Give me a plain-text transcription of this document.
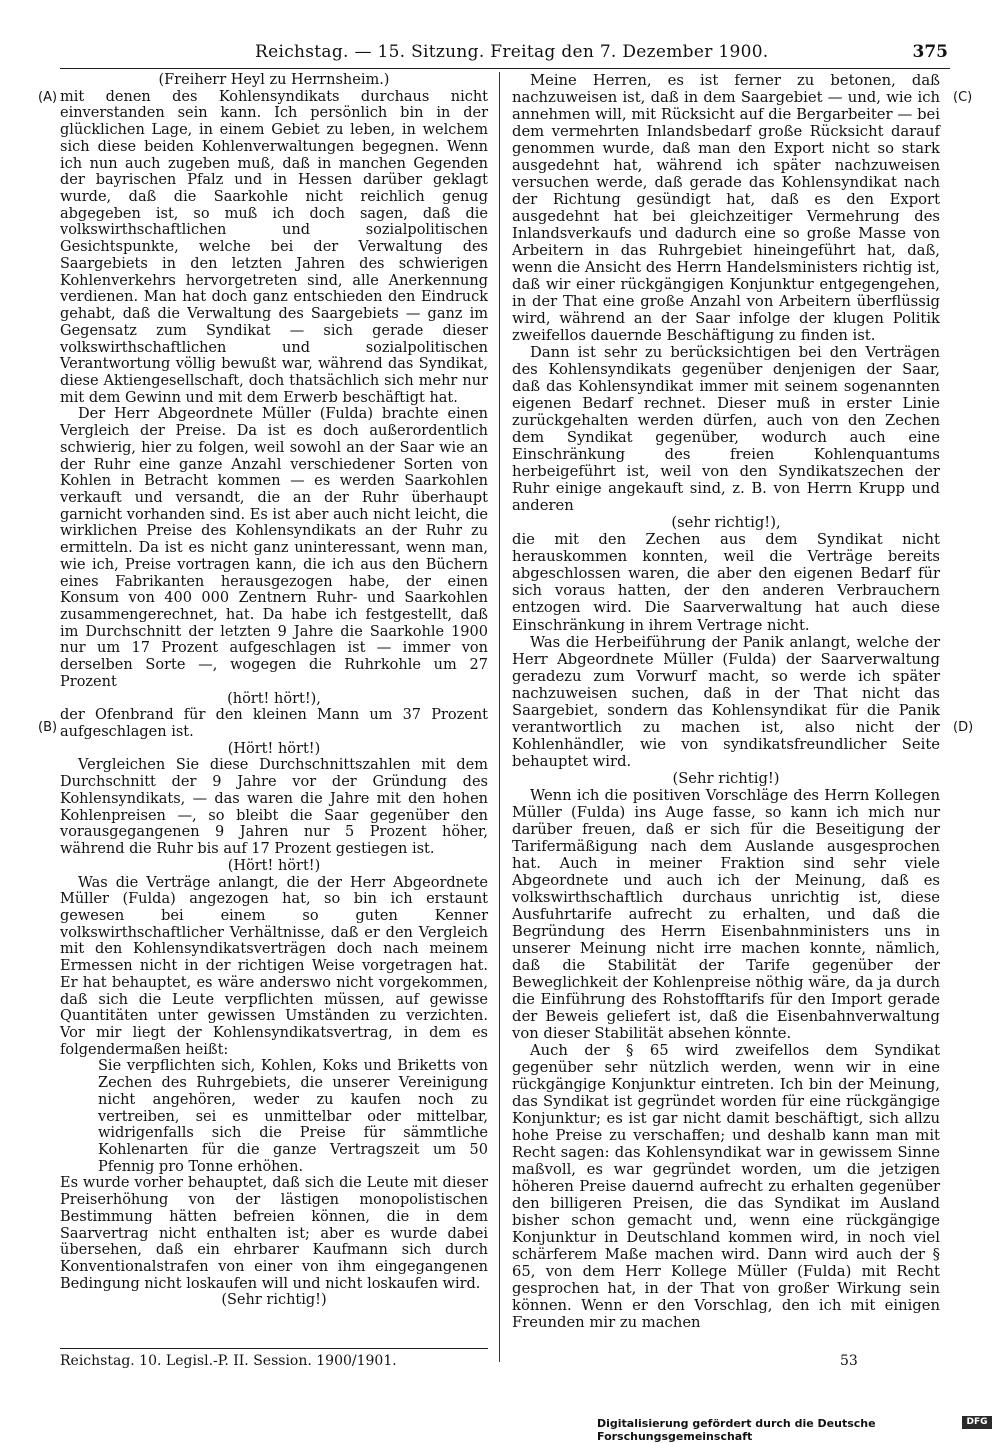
Reichstag. — 15. Sitzung. Freitag den 7. Dezember 1900.	375
(A)
(B)
(C)
(D)

(Freiherr Heyl zu Herrnsheim.)

mit denen des Kohlensyndikats durchaus nicht einverstanden sein kann. Ich persönlich bin in der glücklichen Lage, in einem Gebiet zu leben, in welchem sich diese beiden Kohlenverwaltungen begegnen. Wenn ich nun auch zugeben muß, daß in manchen Gegenden der bayrischen Pfalz und in Hessen darüber geklagt wurde, daß die Saarkohle nicht reichlich genug abgegeben ist, so muß ich doch sagen, daß die volkswirthschaftlichen und sozialpolitischen Gesichtspunkte, welche bei der Verwaltung des Saargebiets in den letzten Jahren des schwierigen Kohlenverkehrs hervorgetreten sind, alle Anerkennung verdienen. Man hat doch ganz entschieden den Eindruck gehabt, daß die Verwaltung des Saargebiets — ganz im Gegensatz zum Syndikat — sich gerade dieser volkswirthschaftlichen und sozialpolitischen Verantwortung völlig bewußt war, während das Syndikat, diese Aktiengesellschaft, doch thatsächlich sich mehr nur mit dem Gewinn und mit dem Erwerb beschäftigt hat.

Der Herr Abgeordnete Müller (Fulda) brachte einen Vergleich der Preise. Da ist es doch außerordentlich schwierig, hier zu folgen, weil sowohl an der Saar wie an der Ruhr eine ganze Anzahl verschiedener Sorten von Kohlen in Betracht kommen — es werden Saarkohlen verkauft und versandt, die an der Ruhr überhaupt garnicht vorhanden sind. Es ist aber auch nicht leicht, die wirklichen Preise des Kohlensyndikats an der Ruhr zu ermitteln. Da ist es nicht ganz uninteressant, wenn man, wie ich, Preise vortragen kann, die ich aus den Büchern eines Fabrikanten herausgezogen habe, der einen Konsum von 400 000 Zentnern Ruhr- und Saarkohlen zusammengerechnet, hat. Da habe ich festgestellt, daß im Durchschnitt der letzten 9 Jahre die Saarkohle 1900 nur um 17 Prozent aufgeschlagen ist — immer von derselben Sorte —, wogegen die Ruhrkohle um 27 Prozent

(hört! hört!),

der Ofenbrand für den kleinen Mann um 37 Prozent aufgeschlagen ist.

(Hört! hört!)

Vergleichen Sie diese Durchschnittszahlen mit dem Durchschnitt der 9 Jahre vor der Gründung des Kohlensyndikats, — das waren die Jahre mit den hohen Kohlenpreisen —, so bleibt die Saar gegenüber den vorausgegangenen 9 Jahren nur 5 Prozent höher, während die Ruhr bis auf 17 Prozent gestiegen ist.

(Hört! hört!)

Was die Verträge anlangt, die der Herr Abgeordnete Müller (Fulda) angezogen hat, so bin ich erstaunt gewesen bei einem so guten Kenner volkswirthschaftlicher Verhältnisse, daß er den Vergleich mit den Kohlensyndikatsverträgen doch nach meinem Ermessen nicht in der richtigen Weise vorgetragen hat. Er hat behauptet, es wäre anderswo nicht vorgekommen, daß sich die Leute verpflichten müssen, auf gewisse Quantitäten unter gewissen Umständen zu verzichten. Vor mir liegt der Kohlensyndikatsvertrag, in dem es folgendermaßen heißt:

Sie verpflichten sich, Kohlen, Koks und Briketts von Zechen des Ruhrgebiets, die unserer Vereinigung nicht angehören, weder zu kaufen noch zu vertreiben, sei es unmittelbar oder mittelbar, widrigenfalls sich die Preise für sämmtliche Kohlenarten für die ganze Vertragszeit um 50 Pfennig pro Tonne erhöhen.

Es wurde vorher behauptet, daß sich die Leute mit dieser Preiserhöhung von der lästigen monopolistischen Bestimmung hätten befreien können, die in dem Saarvertrag nicht enthalten ist; aber es wurde dabei übersehen, daß ein ehrbarer Kaufmann sich durch Konventionalstrafen von einer von ihm eingegangenen Bedingung nicht loskaufen will und nicht loskaufen wird.

(Sehr richtig!)

Meine Herren, es ist ferner zu betonen, daß nachzuweisen ist, daß in dem Saargebiet — und, wie ich annehmen will, mit Rücksicht auf die Bergarbeiter — bei dem vermehrten Inlandsbedarf große Rücksicht darauf genommen wurde, daß man den Export nicht so stark ausgedehnt hat, während ich später nachzuweisen versuchen werde, daß gerade das Kohlensyndikat nach der Richtung gesündigt hat, daß es den Export ausgedehnt hat bei gleichzeitiger Vermehrung des Inlandsverkaufs und dadurch eine so große Masse von Arbeitern in das Ruhrgebiet hineingeführt hat, daß, wenn die Ansicht des Herrn Handelsministers richtig ist, daß wir einer rückgängigen Konjunktur entgegengehen, in der That eine große Anzahl von Arbeitern überflüssig wird, während an der Saar infolge der klugen Politik zweifellos dauernde Beschäftigung zu finden ist.

Dann ist sehr zu berücksichtigen bei den Verträgen des Kohlensyndikats gegenüber denjenigen der Saar, daß das Kohlensyndikat immer mit seinem sogenannten eigenen Bedarf rechnet. Dieser muß in erster Linie zurückgehalten werden dürfen, auch von den Zechen dem Syndikat gegenüber, wodurch auch eine Einschränkung des freien Kohlenquantums herbeigeführt ist, weil von den Syndikatszechen der Ruhr einige angekauft sind, z. B. von Herrn Krupp und anderen

(sehr richtig!),

die mit den Zechen aus dem Syndikat nicht herauskommen konnten, weil die Verträge bereits abgeschlossen waren, die aber den eigenen Bedarf für sich voraus hatten, der den anderen Verbrauchern entzogen wird. Die Saarverwaltung hat auch diese Einschränkung in ihrem Vertrage nicht.

Was die Herbeiführung der Panik anlangt, welche der Herr Abgeordnete Müller (Fulda) der Saarverwaltung geradezu zum Vorwurf macht, so werde ich später nachzuweisen suchen, daß in der That nicht das Saargebiet, sondern das Kohlensyndikat für die Panik verantwortlich zu machen ist, also nicht der Kohlenhändler, wie von syndikatsfreundlicher Seite behauptet wird.

(Sehr richtig!)

Wenn ich die positiven Vorschläge des Herrn Kollegen Müller (Fulda) ins Auge fasse, so kann ich mich nur darüber freuen, daß er sich für die Beseitigung der Tarifermäßigung nach dem Auslande ausgesprochen hat. Auch in meiner Fraktion sind sehr viele Abgeordnete und auch ich der Meinung, daß es volkswirthschaftlich durchaus unrichtig ist, diese Ausfuhrtarife aufrecht zu erhalten, und daß die Begründung des Herrn Eisenbahnministers uns in unserer Meinung nicht irre machen konnte, nämlich, daß die Stabilität der Tarife gegenüber der Beweglichkeit der Kohlenpreise nöthig wäre, da ja durch die Einführung des Rohstofftarifs für den Import gerade der Beweis geliefert ist, daß die Eisenbahnverwaltung von dieser Stabilität absehen könnte.

Auch der § 65 wird zweifellos dem Syndikat gegenüber sehr nützlich werden, wenn wir in eine rückgängige Konjunktur eintreten. Ich bin der Meinung, das Syndikat ist gegründet worden für eine rückgängige Konjunktur; es ist gar nicht damit beschäftigt, sich allzu hohe Preise zu verschaffen; und deshalb kann man mit Recht sagen: das Kohlensyndikat war in gewissem Sinne maßvoll, es war gegründet worden, um die jetzigen höheren Preise dauernd aufrecht zu erhalten gegenüber den billigeren Preisen, die das Syndikat im Ausland bisher schon gemacht und, wenn eine rückgängige Konjunktur in Deutschland kommen wird, in noch viel schärferem Maße machen wird. Dann wird auch der § 65, von dem Herr Kollege Müller (Fulda) mit Recht gesprochen hat, in der That von großer Wirkung sein können. Wenn er den Vorschlag, den ich mit einigen Freunden mir zu machen

Reichstag. 10. Legisl.-P. II. Session. 1900/1901.	53
Digitalisierung gefördert durch die Deutsche Forschungsgemeinschaft
DFG
